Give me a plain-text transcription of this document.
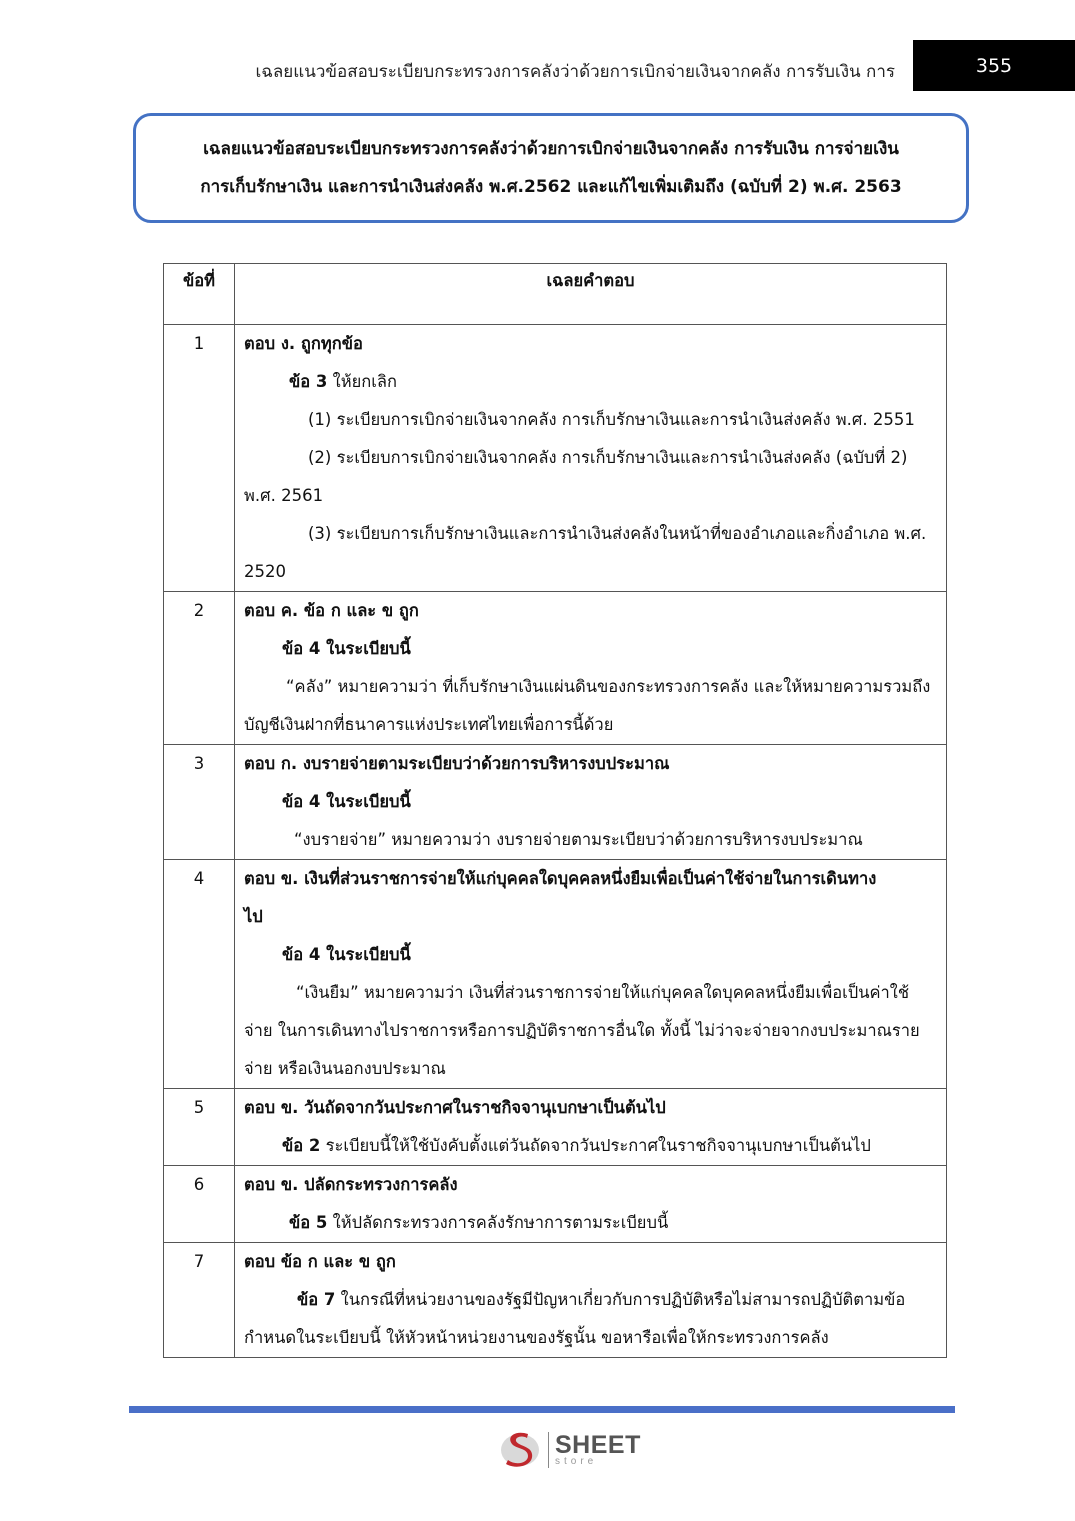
เฉลยแนวข้อสอบระเบียบกระทรวงการคลังว่าด้วยการเบิกจ่ายเงินจากคลัง การรับเงิน การ	355
เฉลยแนวข้อสอบระเบียบกระทรวงการคลังว่าด้วยการเบิกจ่ายเงินจากคลัง การรับเงิน การจ่ายเงิน
การเก็บรักษาเงิน และการนำเงินส่งคลัง พ.ศ.2562 และแก้ไขเพิ่มเติมถึง (ฉบับที่ 2) พ.ศ. 2563
ข้อที่	เฉลยคำตอบ

1	ตอบ ง. ถูกทุกข้อ
ข้อ 3 ให้ยกเลิก
(1) ระเบียบการเบิกจ่ายเงินจากคลัง การเก็บรักษาเงินและการนำเงินส่งคลัง พ.ศ. 2551
(2) ระเบียบการเบิกจ่ายเงินจากคลัง การเก็บรักษาเงินและการนำเงินส่งคลัง (ฉบับที่ 2) พ.ศ. 2561
(3) ระเบียบการเก็บรักษาเงินและการนำเงินส่งคลังในหน้าที่ของอำเภอและกิ่งอำเภอ พ.ศ. 2520

2	ตอบ ค. ข้อ ก และ ข ถูก
ข้อ 4 ในระเบียบนี้
“คลัง” หมายความว่า ที่เก็บรักษาเงินแผ่นดินของกระทรวงการคลัง และให้หมายความรวมถึง บัญชีเงินฝากที่ธนาคารแห่งประเทศไทยเพื่อการนี้ด้วย

3	ตอบ ก. งบรายจ่ายตามระเบียบว่าด้วยการบริหารงบประมาณ
ข้อ 4 ในระเบียบนี้
“งบรายจ่าย” หมายความว่า งบรายจ่ายตามระเบียบว่าด้วยการบริหารงบประมาณ

4	ตอบ ข. เงินที่ส่วนราชการจ่ายให้แก่บุคคลใดบุคคลหนึ่งยืมเพื่อเป็นค่าใช้จ่ายในการเดินทางไป
ข้อ 4 ในระเบียบนี้
“เงินยืม” หมายความว่า เงินที่ส่วนราชการจ่ายให้แก่บุคคลใดบุคคลหนึ่งยืมเพื่อเป็นค่าใช้จ่าย ในการเดินทางไปราชการหรือการปฏิบัติราชการอื่นใด ทั้งนี้ ไม่ว่าจะจ่ายจากงบประมาณรายจ่าย หรือเงินนอกงบประมาณ

5	ตอบ ข. วันถัดจากวันประกาศในราชกิจจานุเบกษาเป็นต้นไป
ข้อ 2 ระเบียบนี้ให้ใช้บังคับตั้งแต่วันถัดจากวันประกาศในราชกิจจานุเบกษาเป็นต้นไป

6	ตอบ ข. ปลัดกระทรวงการคลัง
ข้อ 5 ให้ปลัดกระทรวงการคลังรักษาการตามระเบียบนี้

7	ตอบ ข้อ ก และ ข ถูก
ข้อ 7 ในกรณีที่หน่วยงานของรัฐมีปัญหาเกี่ยวกับการปฏิบัติหรือไม่สามารถปฏิบัติตามข้อกำหนดในระเบียบนี้ ให้หัวหน้าหน่วยงานของรัฐนั้น ขอหารือเพื่อให้กระทรวงการคลัง
SHEET
store
